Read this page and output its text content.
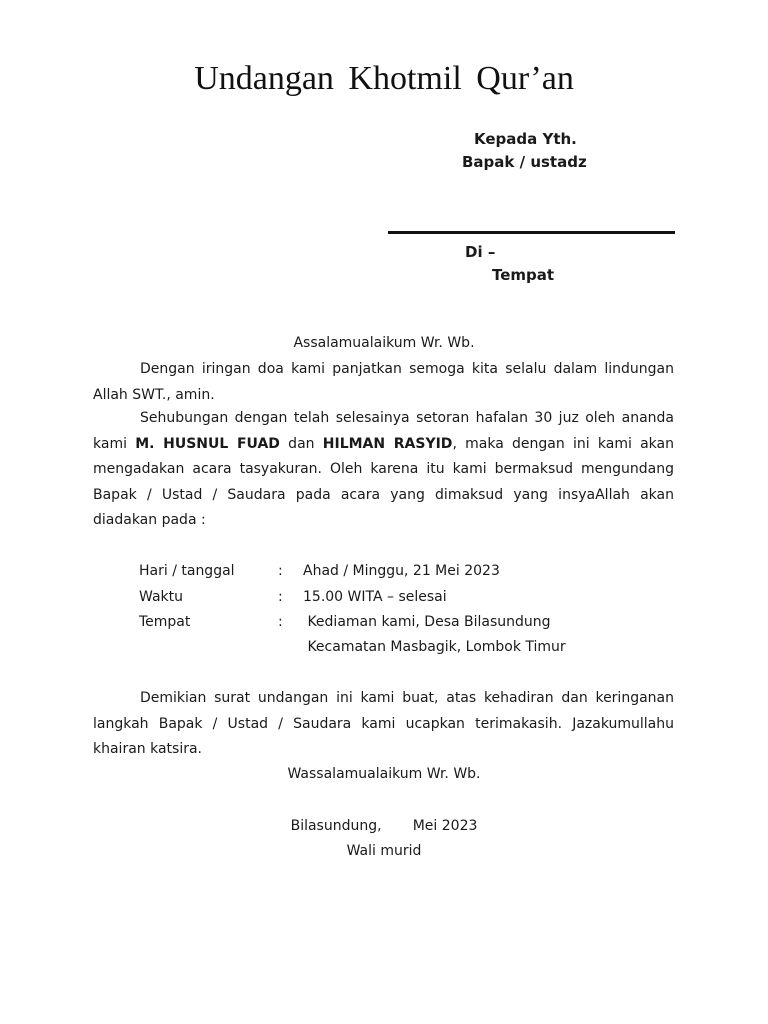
Undangan Khotmil Qur’an
Kepada Yth.
Bapak / ustadz
Di –
Tempat
Assalamualaikum Wr. Wb.

Dengan iringan doa kami panjatkan semoga kita selalu dalam lindungan Allah SWT., amin.

Sehubungan dengan telah selesainya setoran hafalan 30 juz oleh ananda kami M. HUSNUL FUAD dan HILMAN RASYID, maka dengan ini kami akan mengadakan acara tasyakuran. Oleh karena itu kami bermaksud mengundang Bapak / Ustad / Saudara pada acara yang dimaksud yang insyaAllah akan diadakan pada :

Hari / tanggal	: Ahad / Minggu, 21 Mei 2023
Waktu	: 15.00 WITA – selesai
Tempat	: Kediaman kami, Desa Bilasundung
Kecamatan Masbagik, Lombok Timur

Demikian surat undangan ini kami buat, atas kehadiran dan keringanan langkah Bapak / Ustad / Saudara kami ucapkan terimakasih. Jazakumullahu khairan katsira.

Wassalamualaikum Wr. Wb.
Bilasundung,       Mei 2023
Wali murid
